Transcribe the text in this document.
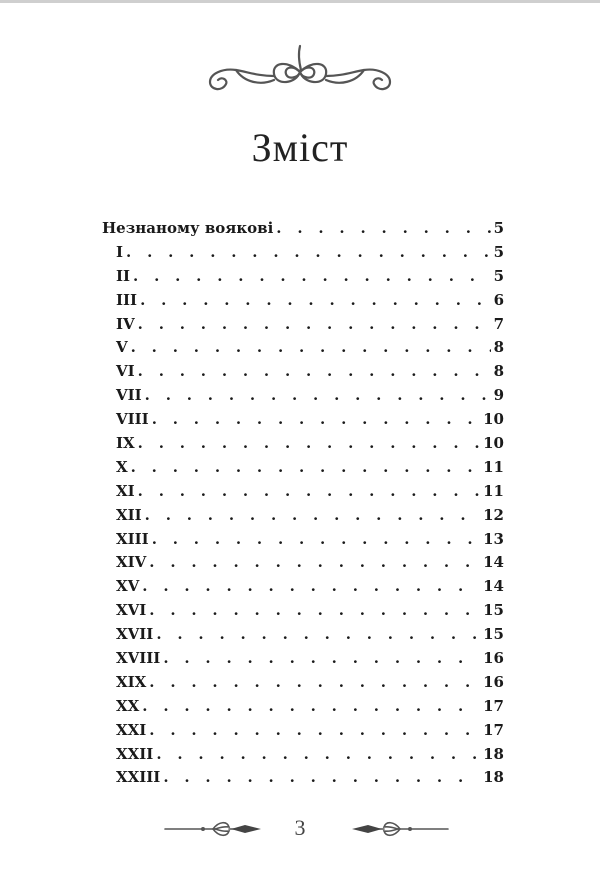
Зміст
Незнаному воякові . . .	5
I . . .	5
II . . .	5
III . . .	6
IV . . .	7
V . . .	8
VI . . .	8
VII . . .	9
VIII . . .	10
IX . . .	10
X . . .	11
XI . . .	11
XII . . .	12
XIII . . .	13
XIV . . .	14
XV . . .	14
XVI . . .	15
XVII . . .	15
XVIII . . .	16
XIX . . .	16
XX . . .	17
XXI . . .	17
XXII . . .	18
XXIII . . .	18
3
